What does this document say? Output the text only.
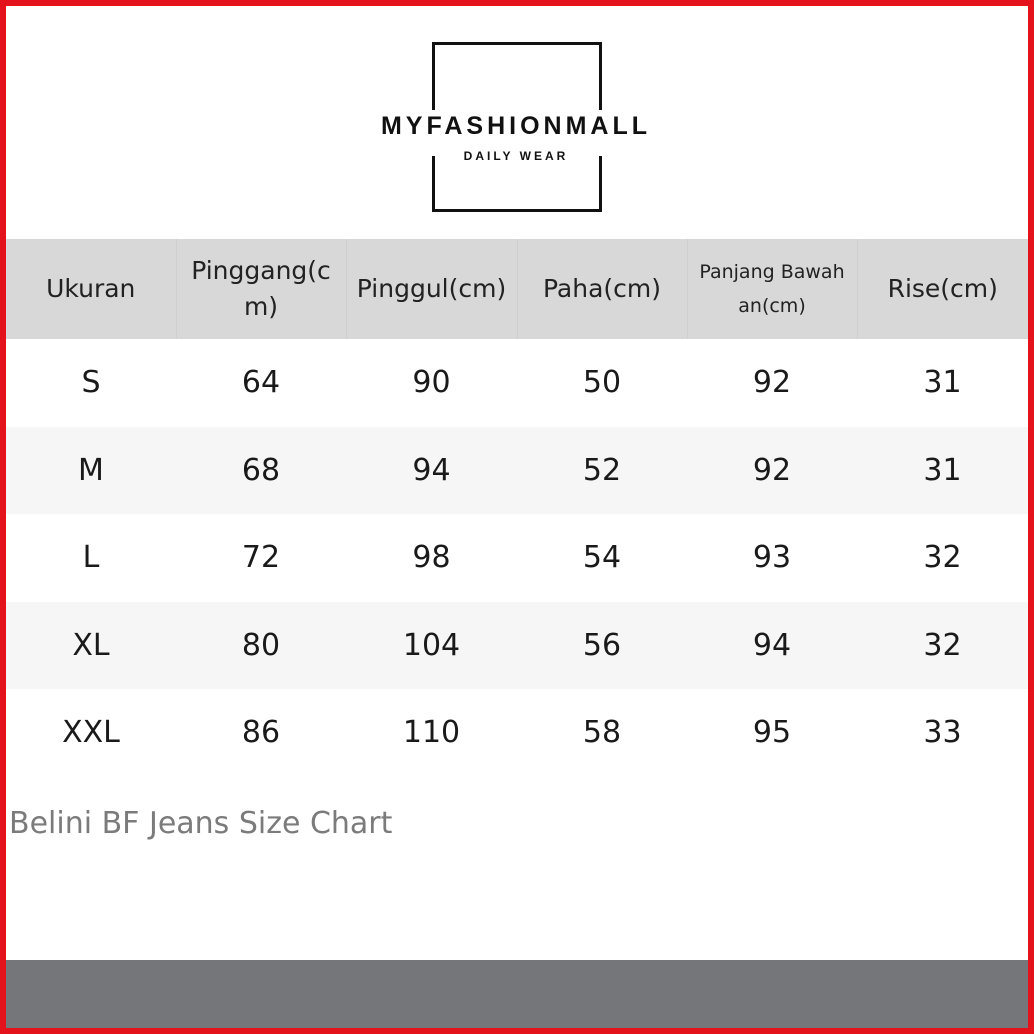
MYFASHIONMALL
DAILY WEAR
Ukuran	Pinggang(c m)	Pinggul(cm)	Paha(cm)	Panjang Bawah an(cm)	Rise(cm)
S	64	90	50	92	31
M	68	94	52	92	31
L	72	98	54	93	32
XL	80	104	56	94	32
XXL	86	110	58	95	33
Belini BF Jeans Size Chart
